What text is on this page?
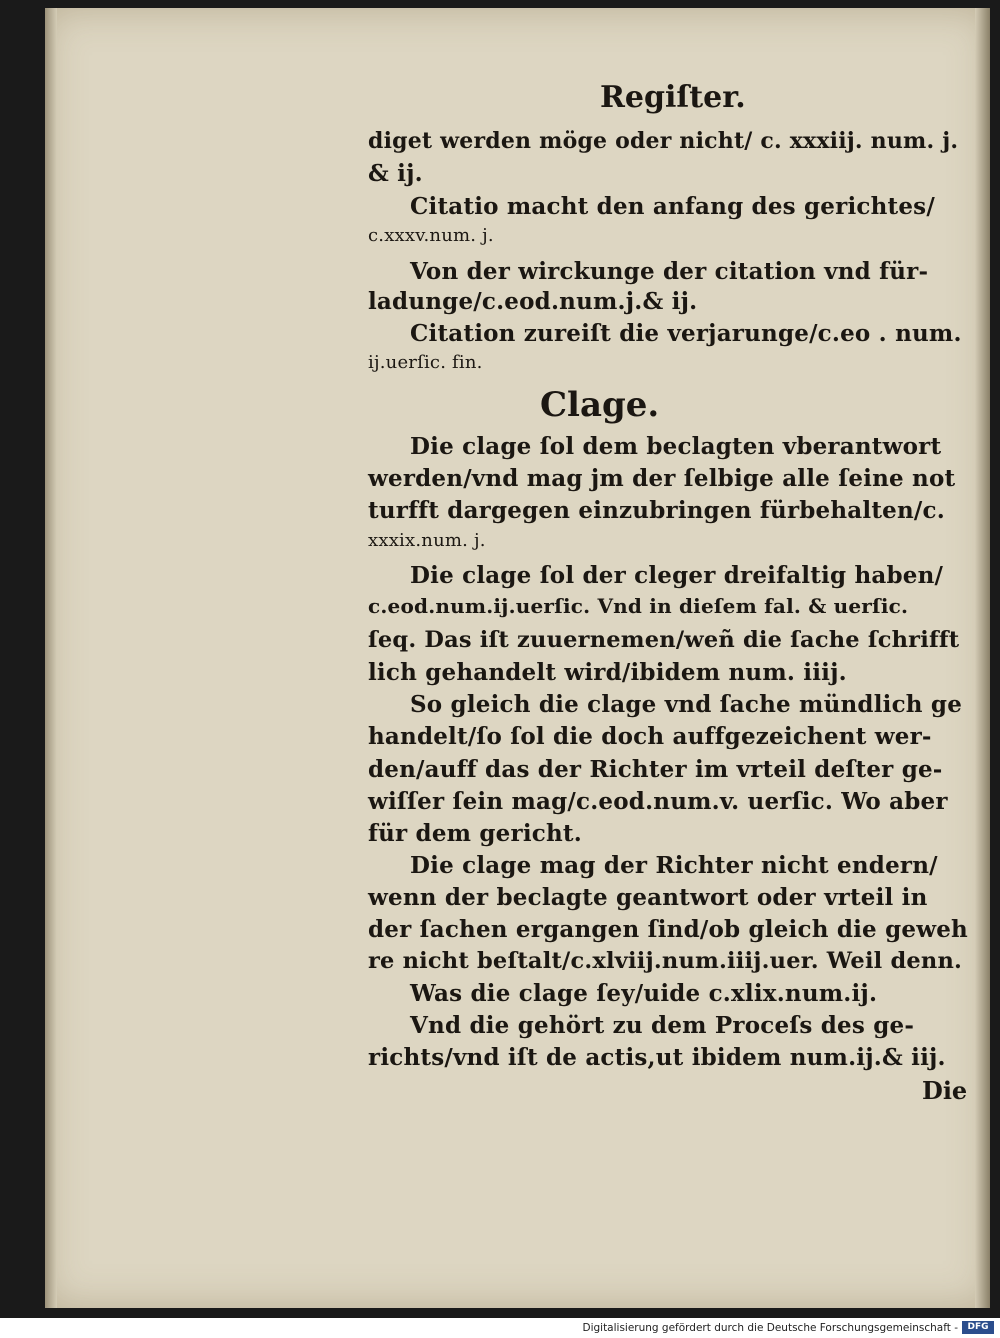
Regiſter.
diget werden möge oder nicht/ c. xxxiij. num. j.
& ij.
Citatio macht den anfang des gerichtes/
c.xxxv.num. j.
Von der wirckunge der citation vnd für-
ladunge/c.eod.num.j.& ij.
Citation zureiſt die verjarunge/c.eo . num.
ij.uerſic. fin.
Clage.
Die clage ſol dem beclagten vberantwort
werden/vnd mag jm der ſelbige alle ſeine not
turfft dargegen einzubringen fürbehalten/c.
xxxix.num. j.
Die clage ſol der cleger dreifaltig haben/
c.eod.num.ij.uerſic. Vnd in dieſem fal. & uerſic.
ſeq. Das iſt zuuernemen/weñ die ſache ſchrifft
lich gehandelt wird/ibidem num. iiij.
So gleich die clage vnd ſache mündlich ge
handelt/ſo ſol die doch auffgezeichent wer-
den/auff das der Richter im vrteil deſter ge-
wiſſer ſein mag/c.eod.num.v. uerſic. Wo aber
für dem gericht.
Die clage mag der Richter nicht endern/
wenn der beclagte geantwort oder vrteil in
der ſachen ergangen ſind/ob gleich die geweh
re nicht beſtalt/c.xlviij.num.iiij.uer. Weil denn.
Was die clage ſey/uide c.xlix.num.ij.
Vnd die gehört zu dem Proceſs des ge-
richts/vnd iſt de actis,ut ibidem num.ij.& iij.
Die
Digitalisierung gefördert durch die Deutsche Forschungsgemeinschaft -	DFG
